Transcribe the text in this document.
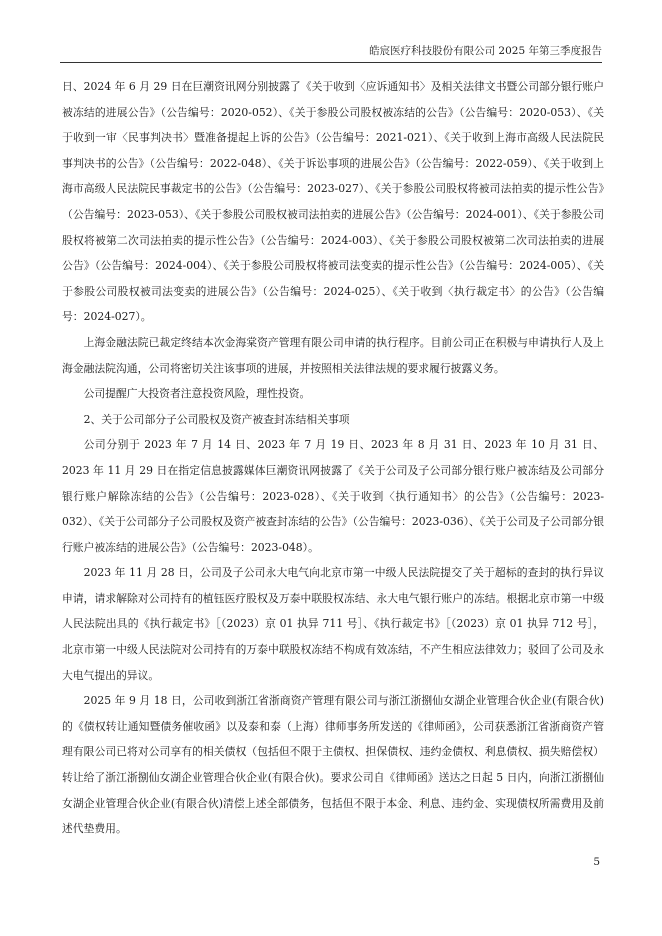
皓宸医疗科技股份有限公司 2025 年第三季度报告

日、2024 年 6 月 29 日在巨潮资讯网分别披露了《关于收到〈应诉通知书〉及相关法律文书暨公司部分银行账户被冻结的进展公告》（公告编号：2020-052）、《关于参股公司股权被冻结的公告》（公告编号：2020-053）、《关于收到一审〈民事判决书〉暨准备提起上诉的公告》（公告编号：2021-021）、《关于收到上海市高级人民法院民事判决书的公告》（公告编号：2022-048）、《关于诉讼事项的进展公告》（公告编号：2022-059）、《关于收到上海市高级人民法院民事裁定书的公告》（公告编号：2023-027）、《关于参股公司股权将被司法拍卖的提示性公告》（公告编号：2023-053）、《关于参股公司股权被司法拍卖的进展公告》（公告编号：2024-001）、《关于参股公司股权将被第二次司法拍卖的提示性公告》（公告编号：2024-003）、《关于参股公司股权被第二次司法拍卖的进展公告》（公告编号：2024-004）、《关于参股公司股权将被司法变卖的提示性公告》（公告编号：2024-005）、《关于参股公司股权被司法变卖的进展公告》（公告编号：2024-025）、《关于收到〈执行裁定书〉的公告》（公告编号：2024-027）。

上海金融法院已裁定终结本次金海棠资产管理有限公司申请的执行程序。目前公司正在积极与申请执行人及上海金融法院沟通，公司将密切关注该事项的进展，并按照相关法律法规的要求履行披露义务。

公司提醒广大投资者注意投资风险，理性投资。

2、关于公司部分子公司股权及资产被查封冻结相关事项

公司分别于 2023 年 7 月 14 日、2023 年 7 月 19 日、2023 年 8 月 31 日、2023 年 10 月 31 日、2023 年 11 月 29 日在指定信息披露媒体巨潮资讯网披露了《关于公司及子公司部分银行账户被冻结及公司部分银行账户解除冻结的公告》（公告编号：2023-028）、《关于收到〈执行通知书〉的公告》（公告编号：2023-032）、《关于公司部分子公司股权及资产被查封冻结的公告》（公告编号：2023-036）、《关于公司及子公司部分银行账户被冻结的进展公告》（公告编号：2023-048）。

2023 年 11 月 28 日，公司及子公司永大电气向北京市第一中级人民法院提交了关于超标的查封的执行异议申请，请求解除对公司持有的植钰医疗股权及万泰中联股权冻结、永大电气银行账户的冻结。根据北京市第一中级人民法院出具的《执行裁定书》［（2023）京 01 执异 711 号］、《执行裁定书》［（2023）京 01 执异 712 号］，北京市第一中级人民法院对公司持有的万泰中联股权冻结不构成有效冻结，不产生相应法律效力；驳回了公司及永大电气提出的异议。

2025 年 9 月 18 日，公司收到浙江省浙商资产管理有限公司与浙江浙捌仙女湖企业管理合伙企业(有限合伙)的《债权转让通知暨债务催收函》以及泰和泰（上海）律师事务所发送的《律师函》，公司获悉浙江省浙商资产管理有限公司已将对公司享有的相关债权（包括但不限于主债权、担保债权、违约金债权、利息债权、损失赔偿权）转让给了浙江浙捌仙女湖企业管理合伙企业(有限合伙)。要求公司自《律师函》送达之日起 5 日内，向浙江浙捌仙女湖企业管理合伙企业(有限合伙)清偿上述全部债务，包括但不限于本金、利息、违约金、实现债权所需费用及前述代垫费用。

5
